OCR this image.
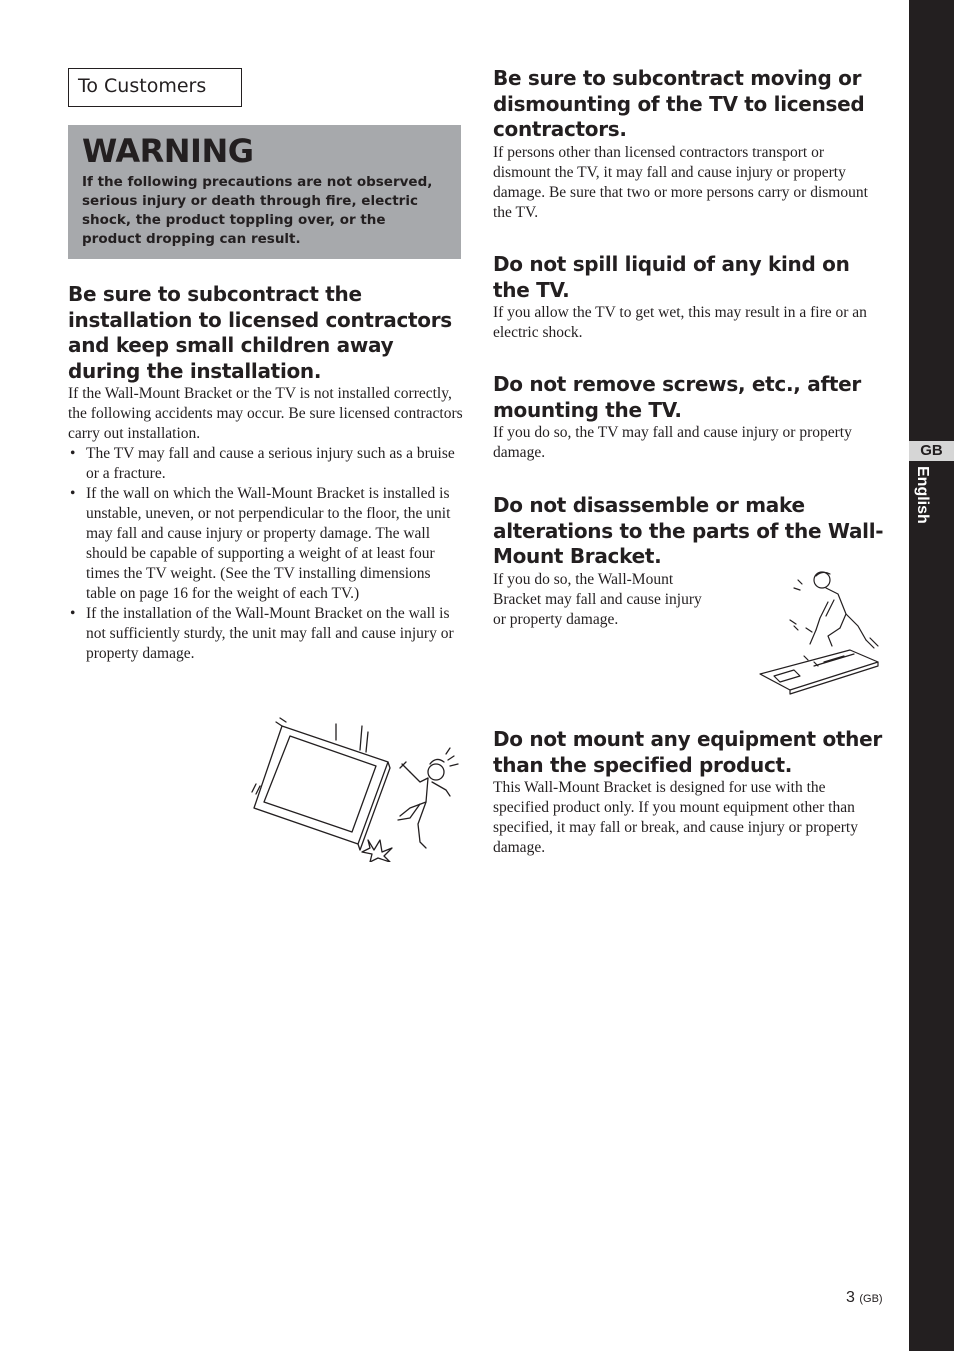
GB
English
To Customers
WARNING
If the following precautions are not observed, serious injury or death through fire, electric shock, the product toppling over, or the product dropping can result.
Be sure to subcontract the installation to licensed contractors and keep small children away during the installation.
If the Wall-Mount Bracket or the TV is not installed correctly, the following accidents may occur. Be sure licensed contractors carry out installation.
• The TV may fall and cause a serious injury such as a bruise or a fracture.
• If the wall on which the Wall-Mount Bracket is installed is unstable, uneven, or not perpendicular to the floor, the unit may fall and cause injury or property damage. The wall should be capable of supporting a weight of at least four times the TV weight. (See the TV installing dimensions table on page 16 for the weight of each TV.)
• If the installation of the Wall-Mount Bracket on the wall is not sufficiently sturdy, the unit may fall and cause injury or property damage.
Be sure to subcontract moving or dismounting of the TV to licensed contractors.
If persons other than licensed contractors transport or dismount the TV, it may fall and cause injury or property damage. Be sure that two or more persons carry or dismount the TV.
Do not spill liquid of any kind on the TV.
If you allow the TV to get wet, this may result in a fire or an electric shock.
Do not remove screws, etc., after mounting the TV.
If you do so, the TV may fall and cause injury or property damage.
Do not disassemble or make alterations to the parts of the Wall-Mount Bracket.
If you do so, the Wall-Mount Bracket may fall and cause injury or property damage.
Do not mount any equipment other than the specified product.
This Wall-Mount Bracket is designed for use with the specified product only. If you mount equipment other than specified, it may fall or break, and cause injury or property damage.
3 (GB)
